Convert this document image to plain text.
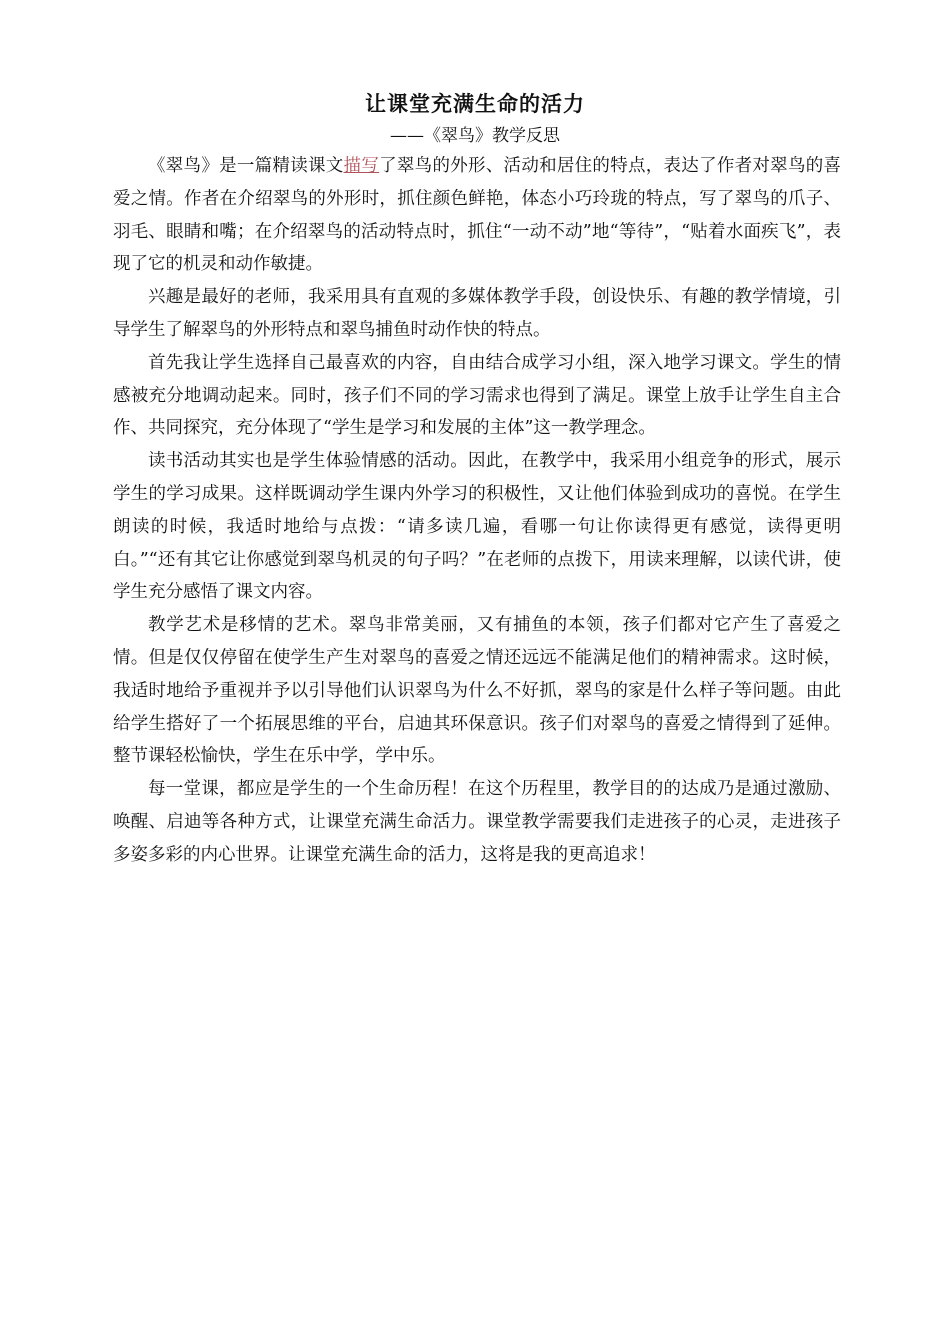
让课堂充满生命的活力
——《翠鸟》教学反思

《翠鸟》是一篇精读课文描写了翠鸟的外形、活动和居住的特点，表达了作者对翠鸟的喜爱之情。作者在介绍翠鸟的外形时，抓住颜色鲜艳，体态小巧玲珑的特点，写了翠鸟的爪子、羽毛、眼睛和嘴；在介绍翠鸟的活动特点时，抓住“一动不动”地“等待”，“贴着水面疾飞”，表现了它的机灵和动作敏捷。

兴趣是最好的老师，我采用具有直观的多媒体教学手段，创设快乐、有趣的教学情境，引导学生了解翠鸟的外形特点和翠鸟捕鱼时动作快的特点。

首先我让学生选择自己最喜欢的内容，自由结合成学习小组，深入地学习课文。学生的情感被充分地调动起来。同时，孩子们不同的学习需求也得到了满足。课堂上放手让学生自主合作、共同探究，充分体现了“学生是学习和发展的主体”这一教学理念。

读书活动其实也是学生体验情感的活动。因此，在教学中，我采用小组竞争的形式，展示学生的学习成果。这样既调动学生课内外学习的积极性，又让他们体验到成功的喜悦。在学生朗读的时候，我适时地给与点拨：“请多读几遍，看哪一句让你读得更有感觉，读得更明白。”“还有其它让你感觉到翠鸟机灵的句子吗？”在老师的点拨下，用读来理解，以读代讲，使学生充分感悟了课文内容。

教学艺术是移情的艺术。翠鸟非常美丽，又有捕鱼的本领，孩子们都对它产生了喜爱之情。但是仅仅停留在使学生产生对翠鸟的喜爱之情还远远不能满足他们的精神需求。这时候，我适时地给予重视并予以引导他们认识翠鸟为什么不好抓，翠鸟的家是什么样子等问题。由此给学生搭好了一个拓展思维的平台，启迪其环保意识。孩子们对翠鸟的喜爱之情得到了延伸。整节课轻松愉快，学生在乐中学，学中乐。

每一堂课，都应是学生的一个生命历程！在这个历程里，教学目的的达成乃是通过激励、唤醒、启迪等各种方式，让课堂充满生命活力。课堂教学需要我们走进孩子的心灵，走进孩子多姿多彩的内心世界。让课堂充满生命的活力，这将是我的更高追求！
